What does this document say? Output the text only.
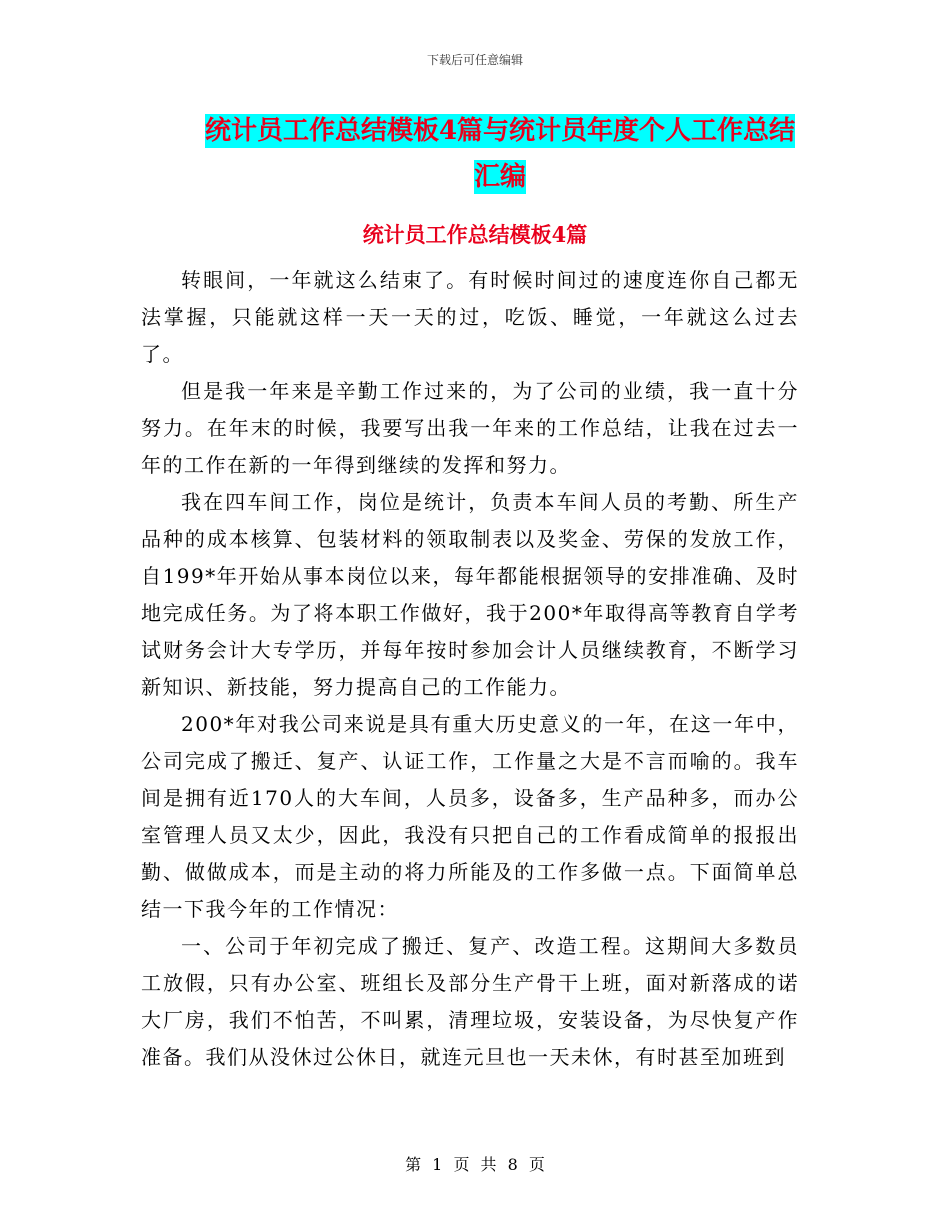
下载后可任意编辑
统计员工作总结模板4篇与统计员年度个人工作总结
汇编
统计员工作总结模板4篇

转眼间，一年就这么结束了。有时候时间过的速度连你自己都无法掌握，只能就这样一天一天的过，吃饭、睡觉，一年就这么过去了。

但是我一年来是辛勤工作过来的，为了公司的业绩，我一直十分努力。在年末的时候，我要写出我一年来的工作总结，让我在过去一年的工作在新的一年得到继续的发挥和努力。

我在四车间工作，岗位是统计，负责本车间人员的考勤、所生产品种的成本核算、包装材料的领取制表以及奖金、劳保的发放工作，自199*年开始从事本岗位以来，每年都能根据领导的安排准确、及时地完成任务。为了将本职工作做好，我于200*年取得高等教育自学考试财务会计大专学历，并每年按时参加会计人员继续教育，不断学习新知识、新技能，努力提高自己的工作能力。

200*年对我公司来说是具有重大历史意义的一年，在这一年中，公司完成了搬迁、复产、认证工作，工作量之大是不言而喻的。我车间是拥有近170人的大车间，人员多，设备多，生产品种多，而办公室管理人员又太少，因此，我没有只把自己的工作看成简单的报报出勤、做做成本，而是主动的将力所能及的工作多做一点。下面简单总结一下我今年的工作情况：

一、公司于年初完成了搬迁、复产、改造工程。这期间大多数员工放假，只有办公室、班组长及部分生产骨干上班，面对新落成的诺大厂房，我们不怕苦，不叫累，清理垃圾，安装设备，为尽快复产作准备。我们从没休过公休日，就连元旦也一天未休，有时甚至加班到

第 1 页 共 8 页
